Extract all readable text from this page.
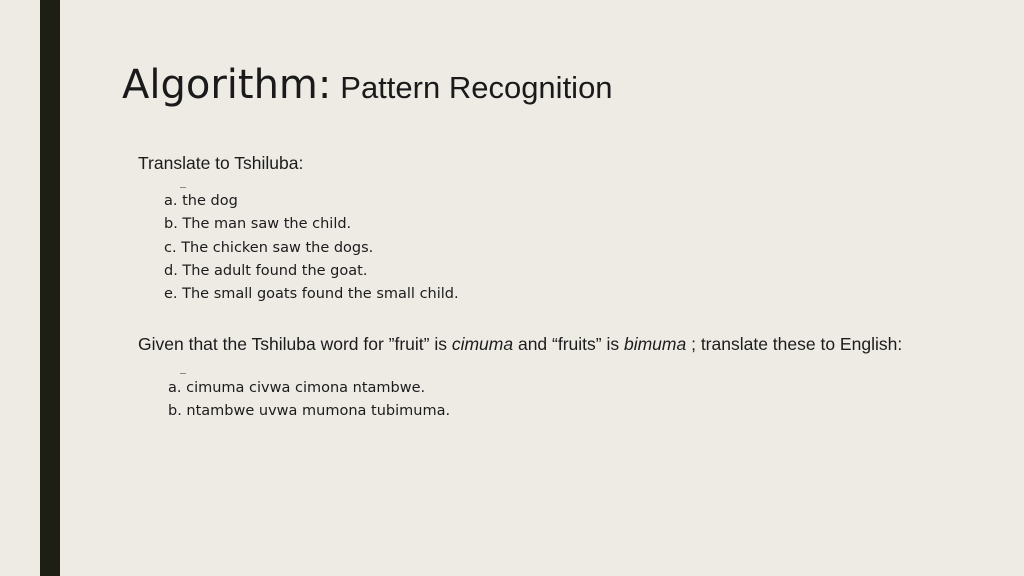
Algorithm: Pattern Recognition

Translate to Tshiluba:

a. the dog
b. The man saw the child.
c. The chicken saw the dogs.
d. The adult found the goat.
e. The small goats found the small child.

Given that the Tshiluba word for ”fruit” is cimuma and “fruits” is bimuma ; translate these to English:

a. cimuma civwa cimona ntambwe.
b. ntambwe uvwa mumona tubimuma.
